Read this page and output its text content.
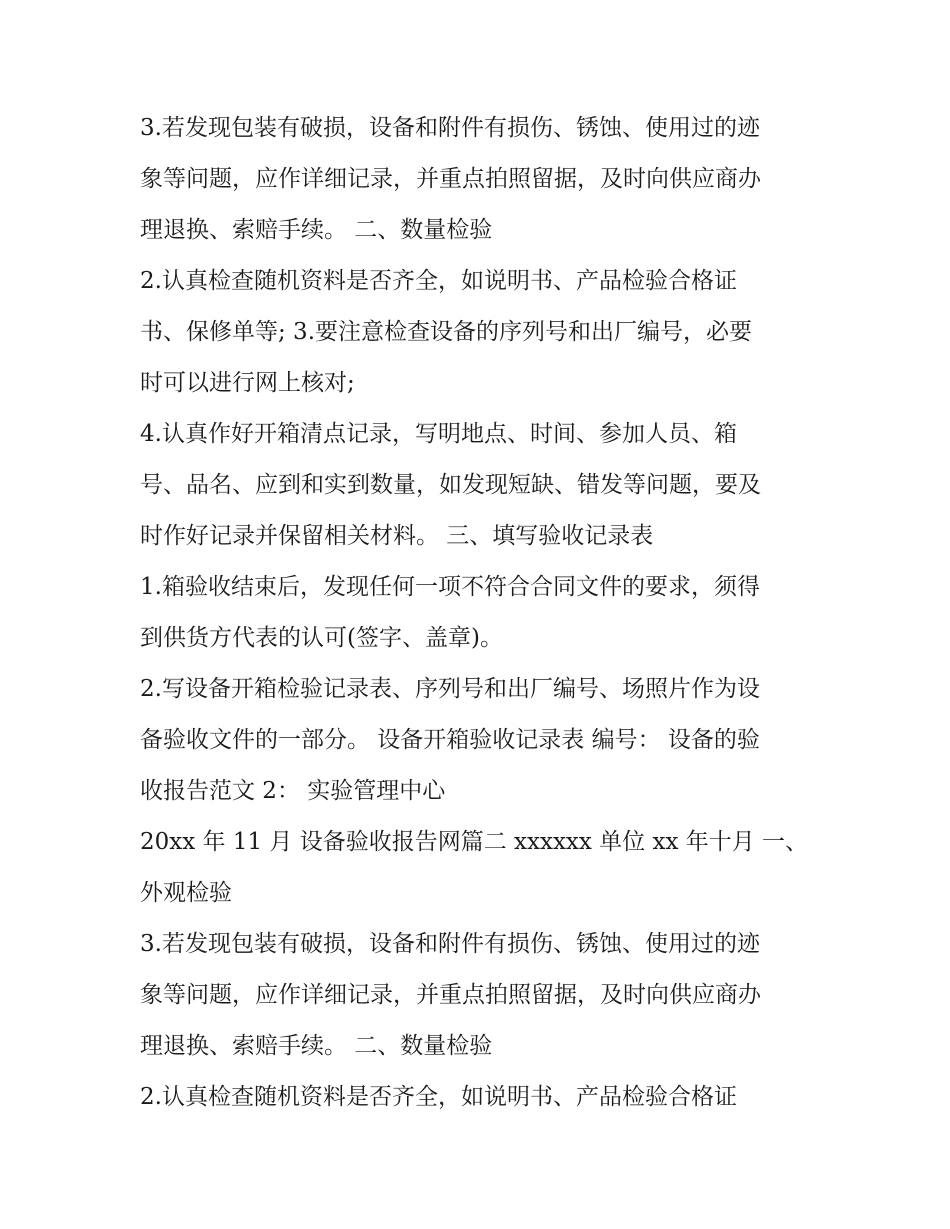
3.若发现包装有破损，设备和附件有损伤、锈蚀、使用过的迹
象等问题，应作详细记录，并重点拍照留据，及时向供应商办
理退换、索赔手续。 二、数量检验
2.认真检查随机资料是否齐全，如说明书、产品检验合格证
书、保修单等; 3.要注意检查设备的序列号和出厂编号，必要
时可以进行网上核对;
4.认真作好开箱清点记录，写明地点、时间、参加人员、箱
号、品名、应到和实到数量，如发现短缺、错发等问题，要及
时作好记录并保留相关材料。 三、填写验收记录表
1.箱验收结束后，发现任何一项不符合合同文件的要求，须得
到供货方代表的认可(签字、盖章)。
2.写设备开箱检验记录表、序列号和出厂编号、场照片作为设
备验收文件的一部分。 设备开箱验收记录表 编号： 设备的验
收报告范文 2： 实验管理中心
20xx 年 11 月 设备验收报告网篇二 xxxxxx 单位 xx 年十月 一、
外观检验
3.若发现包装有破损，设备和附件有损伤、锈蚀、使用过的迹
象等问题，应作详细记录，并重点拍照留据，及时向供应商办
理退换、索赔手续。 二、数量检验
2.认真检查随机资料是否齐全，如说明书、产品检验合格证
